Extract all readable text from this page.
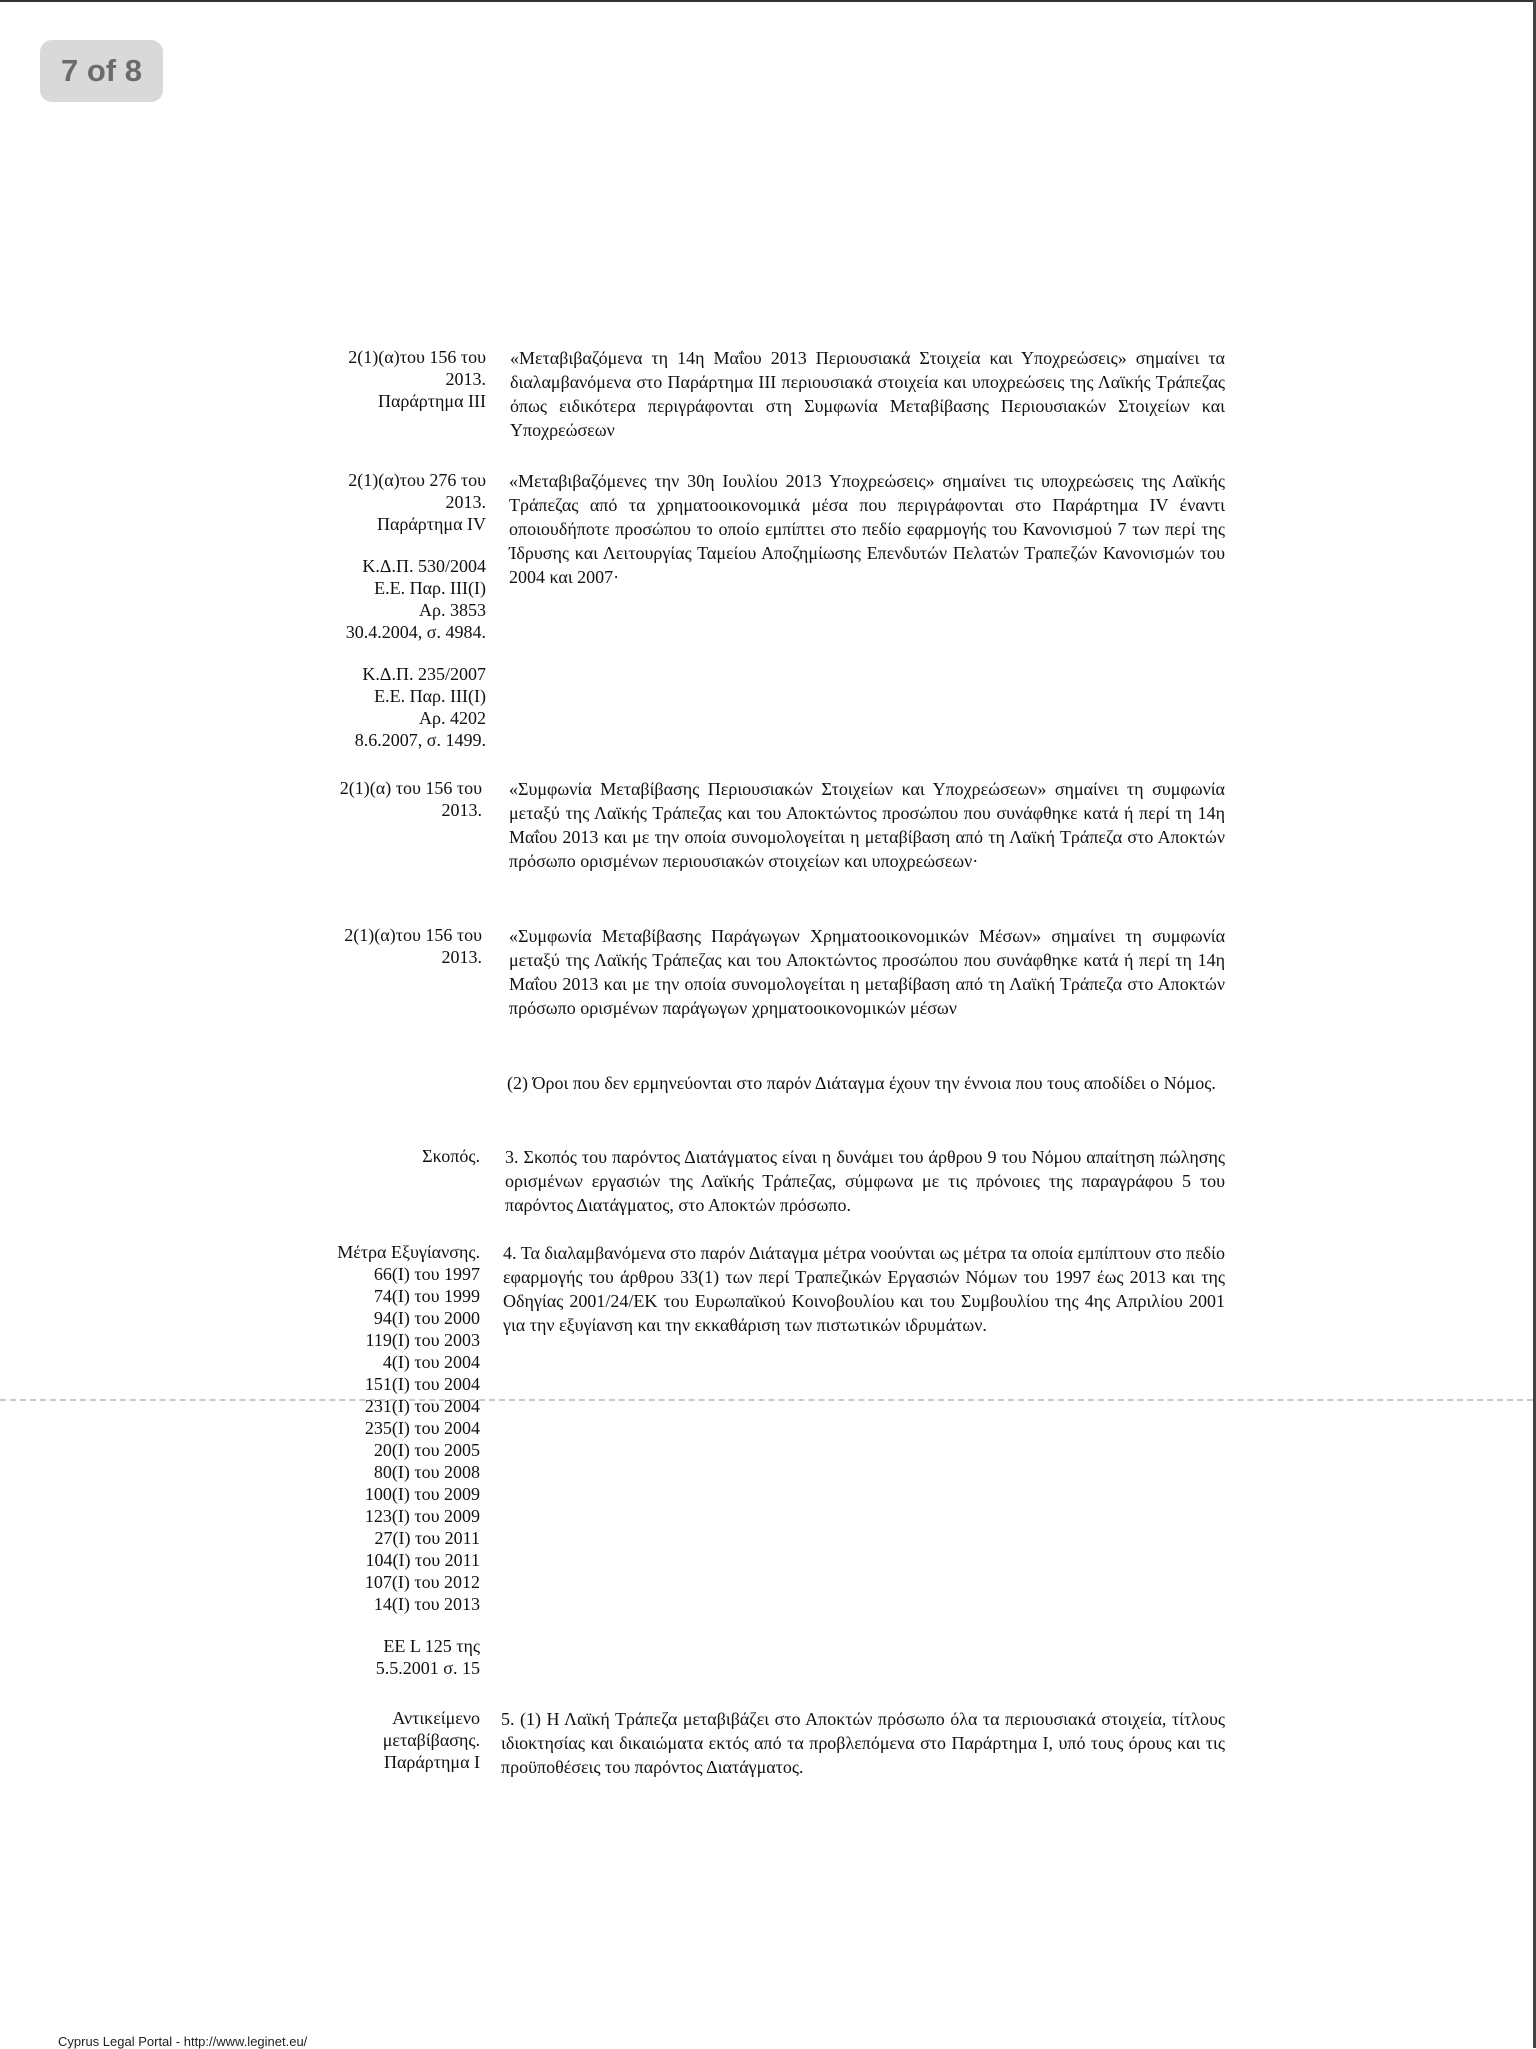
7 of 8
2(1)(α)του 156 του
2013.
Παράρτημα III

«Μεταβιβαζόμενα τη 14η Μαΐου 2013 Περιουσιακά Στοιχεία και Υποχρεώσεις» σημαίνει τα διαλαμβανόμενα στο Παράρτημα III περιουσιακά στοιχεία και υποχρεώσεις της Λαϊκής Τράπεζας όπως ειδικότερα περιγράφονται στη Συμφωνία Μεταβίβασης Περιουσιακών Στοιχείων και Υποχρεώσεων

2(1)(α)του 276 του
2013.
Παράρτημα IV
Κ.Δ.Π. 530/2004
Ε.Ε. Παρ. ΙΙΙ(Ι)
Αρ. 3853
30.4.2004, σ. 4984.
Κ.Δ.Π. 235/2007
Ε.Ε. Παρ. ΙΙΙ(Ι)
Αρ. 4202
8.6.2007, σ. 1499.

«Μεταβιβαζόμενες την 30η Ιουλίου 2013 Υποχρεώσεις» σημαίνει τις υποχρεώσεις της Λαϊκής Τράπεζας από τα χρηματοοικονομικά μέσα που περιγράφονται στο Παράρτημα IV έναντι οποιουδήποτε προσώπου το οποίο εμπίπτει στο πεδίο εφαρμογής του Κανονισμού 7 των περί της Ίδρυσης και Λειτουργίας Ταμείου Αποζημίωσης Επενδυτών Πελατών Τραπεζών Κανονισμών του 2004 και 2007·

2(1)(α) του 156 του
2013.

«Συμφωνία Μεταβίβασης Περιουσιακών Στοιχείων και Υποχρεώσεων» σημαίνει τη συμφωνία μεταξύ της Λαϊκής Τράπεζας και του Αποκτώντος προσώπου που συνάφθηκε κατά ή περί τη 14η Μαΐου 2013 και με την οποία συνομολογείται η μεταβίβαση από τη Λαϊκή Τράπεζα στο Αποκτών πρόσωπο ορισμένων περιουσιακών στοιχείων και υποχρεώσεων·

2(1)(α)του 156 του
2013.

«Συμφωνία Μεταβίβασης Παράγωγων Χρηματοοικονομικών Μέσων» σημαίνει τη συμφωνία μεταξύ της Λαϊκής Τράπεζας και του Αποκτώντος προσώπου που συνάφθηκε κατά ή περί τη 14η Μαΐου 2013 και με την οποία συνομολογείται η μεταβίβαση από τη Λαϊκή Τράπεζα στο Αποκτών πρόσωπο ορισμένων παράγωγων χρηματοοικονομικών μέσων

(2) Όροι που δεν ερμηνεύονται στο παρόν Διάταγμα έχουν την έννοια που τους αποδίδει ο Νόμος.

Σκοπός. 3. Σκοπός του παρόντος Διατάγματος είναι η δυνάμει του άρθρου 9 του Νόμου απαίτηση πώλησης ορισμένων εργασιών της Λαϊκής Τράπεζας, σύμφωνα με τις πρόνοιες της παραγράφου 5 του παρόντος Διατάγματος, στο Αποκτών πρόσωπο.

Μέτρα Εξυγίανσης.
66(I) του 1997
74(I) του 1999
94(I) του 2000
119(I) του 2003
4(I) του 2004
151(I) του 2004
231(I) του 2004
235(I) του 2004
20(I) του 2005
80(I) του 2008
100(I) του 2009
123(I) του 2009
27(I) του 2011
104(I) του 2011
107(I) του 2012
14(I) του 2013
ΕΕ L 125 της
5.5.2001 σ. 15

4. Τα διαλαμβανόμενα στο παρόν Διάταγμα μέτρα νοούνται ως μέτρα τα οποία εμπίπτουν στο πεδίο εφαρμογής του άρθρου 33(1) των περί Τραπεζικών Εργασιών Νόμων του 1997 έως 2013 και της Οδηγίας 2001/24/ΕΚ του Ευρωπαϊκού Κοινοβουλίου και του Συμβουλίου της 4ης Απριλίου 2001 για την εξυγίανση και την εκκαθάριση των πιστωτικών ιδρυμάτων.

Αντικείμενο
μεταβίβασης.
Παράρτημα I

5. (1) Η Λαϊκή Τράπεζα μεταβιβάζει στο Αποκτών πρόσωπο όλα τα περιουσιακά στοιχεία, τίτλους ιδιοκτησίας και δικαιώματα εκτός από τα προβλεπόμενα στο Παράρτημα I, υπό τους όρους και τις προϋποθέσεις του παρόντος Διατάγματος.

Cyprus Legal Portal - http://www.leginet.eu/
